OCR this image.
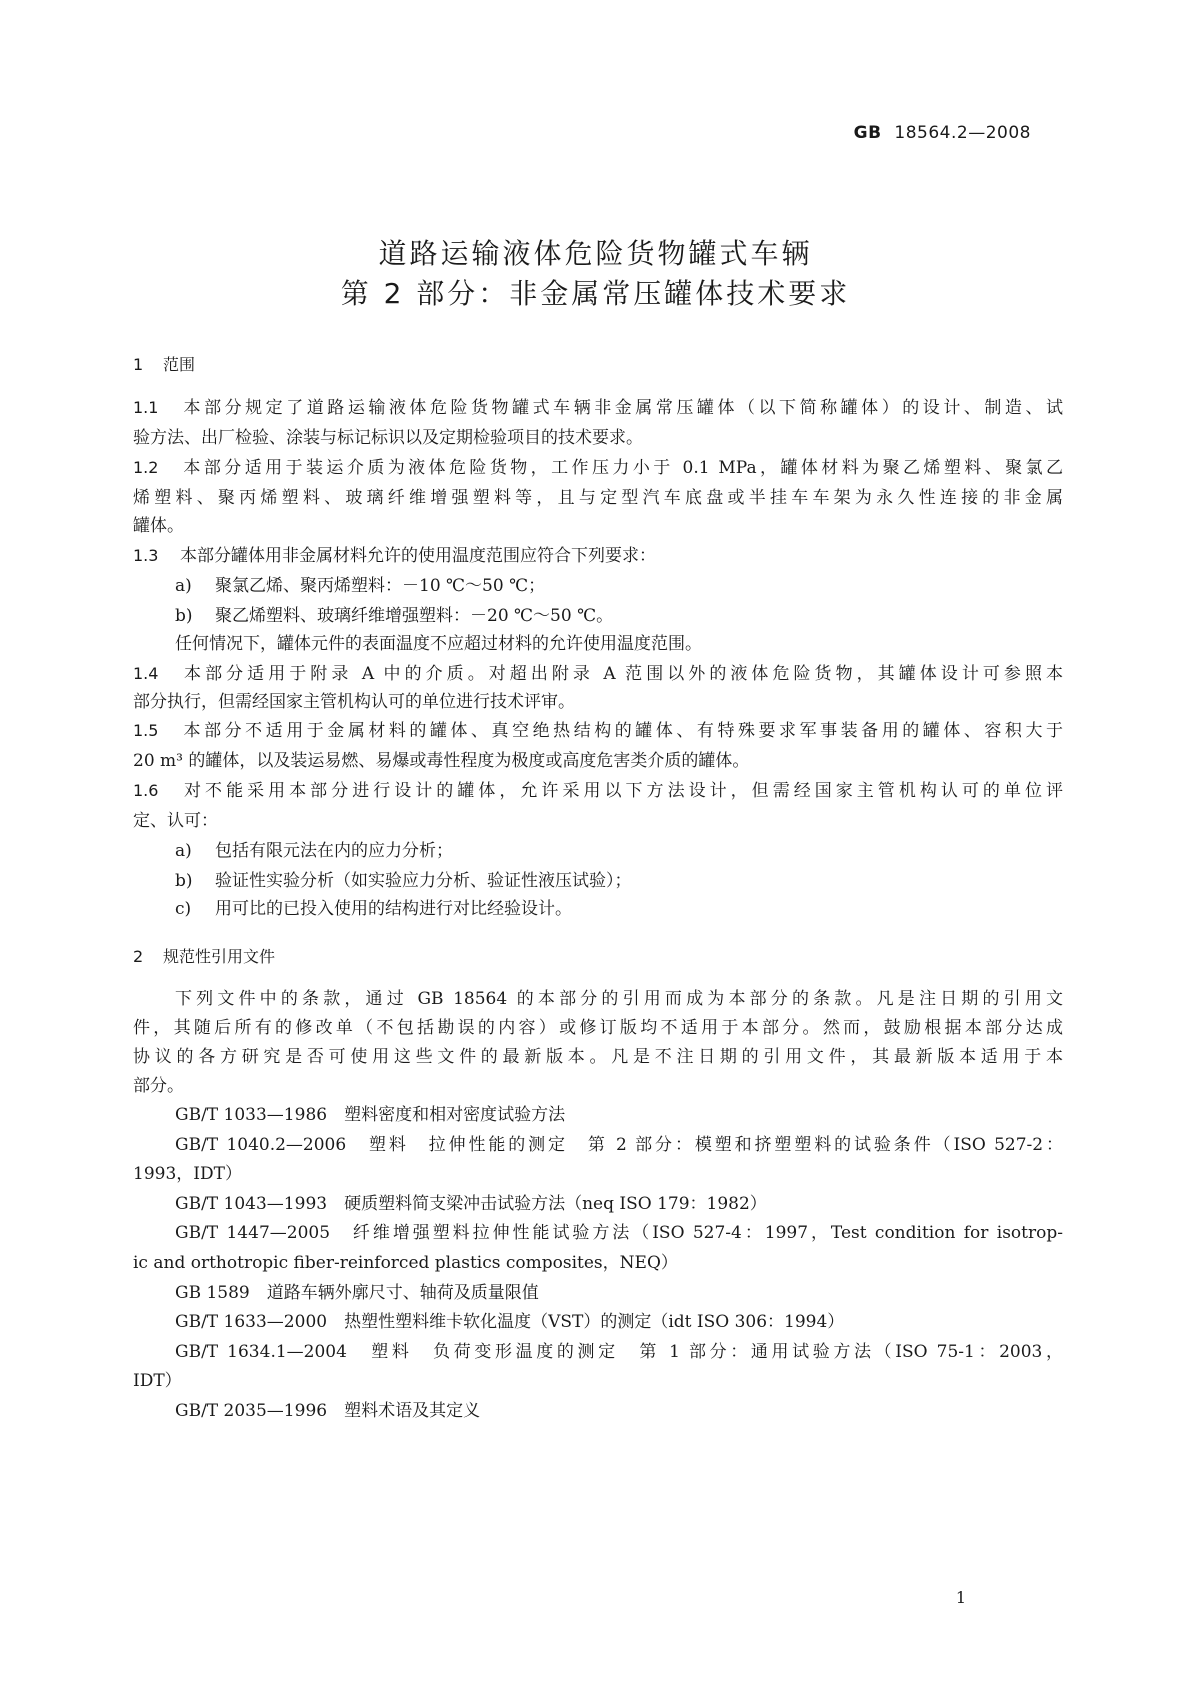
GB 18564.2—2008
道路运输液体危险货物罐式车辆
第 2 部分：非金属常压罐体技术要求
1 范围
1.1 本部分规定了道路运输液体危险货物罐式车辆非金属常压罐体（以下简称罐体）的设计、制造、试
验方法、出厂检验、涂装与标记标识以及定期检验项目的技术要求。
1.2 本部分适用于装运介质为液体危险货物，工作压力小于 0.1 MPa，罐体材料为聚乙烯塑料、聚氯乙
烯塑料、聚丙烯塑料、玻璃纤维增强塑料等，且与定型汽车底盘或半挂车车架为永久性连接的非金属
罐体。
1.3 本部分罐体用非金属材料允许的使用温度范围应符合下列要求：
a) 聚氯乙烯、聚丙烯塑料：－10 ℃～50 ℃；
b) 聚乙烯塑料、玻璃纤维增强塑料：－20 ℃～50 ℃。
任何情况下，罐体元件的表面温度不应超过材料的允许使用温度范围。
1.4 本部分适用于附录 A 中的介质。对超出附录 A 范围以外的液体危险货物，其罐体设计可参照本
部分执行，但需经国家主管机构认可的单位进行技术评审。
1.5 本部分不适用于金属材料的罐体、真空绝热结构的罐体、有特殊要求军事装备用的罐体、容积大于
20 m³ 的罐体，以及装运易燃、易爆或毒性程度为极度或高度危害类介质的罐体。
1.6 对不能采用本部分进行设计的罐体，允许采用以下方法设计，但需经国家主管机构认可的单位评
定、认可：
a) 包括有限元法在内的应力分析；
b) 验证性实验分析（如实验应力分析、验证性液压试验）；
c) 用可比的已投入使用的结构进行对比经验设计。
2 规范性引用文件
下列文件中的条款，通过 GB 18564 的本部分的引用而成为本部分的条款。凡是注日期的引用文
件，其随后所有的修改单（不包括勘误的内容）或修订版均不适用于本部分。然而，鼓励根据本部分达成
协议的各方研究是否可使用这些文件的最新版本。凡是不注日期的引用文件，其最新版本适用于本
部分。
GB/T 1033—1986　塑料密度和相对密度试验方法
GB/T 1040.2—2006　塑料　拉伸性能的测定　第 2 部分：模塑和挤塑塑料的试验条件（ISO 527-2：
1993，IDT）
GB/T 1043—1993　硬质塑料简支梁冲击试验方法（neq ISO 179：1982）
GB/T 1447—2005　纤维增强塑料拉伸性能试验方法（ISO 527-4：1997，Test condition for isotrop-
ic and orthotropic fiber-reinforced plastics composites，NEQ）
GB 1589　道路车辆外廓尺寸、轴荷及质量限值
GB/T 1633—2000　热塑性塑料维卡软化温度（VST）的测定（idt ISO 306：1994）
GB/T 1634.1—2004　塑料　负荷变形温度的测定　第 1 部分：通用试验方法（ISO 75-1：2003，
IDT）
GB/T 2035—1996　塑料术语及其定义
1
